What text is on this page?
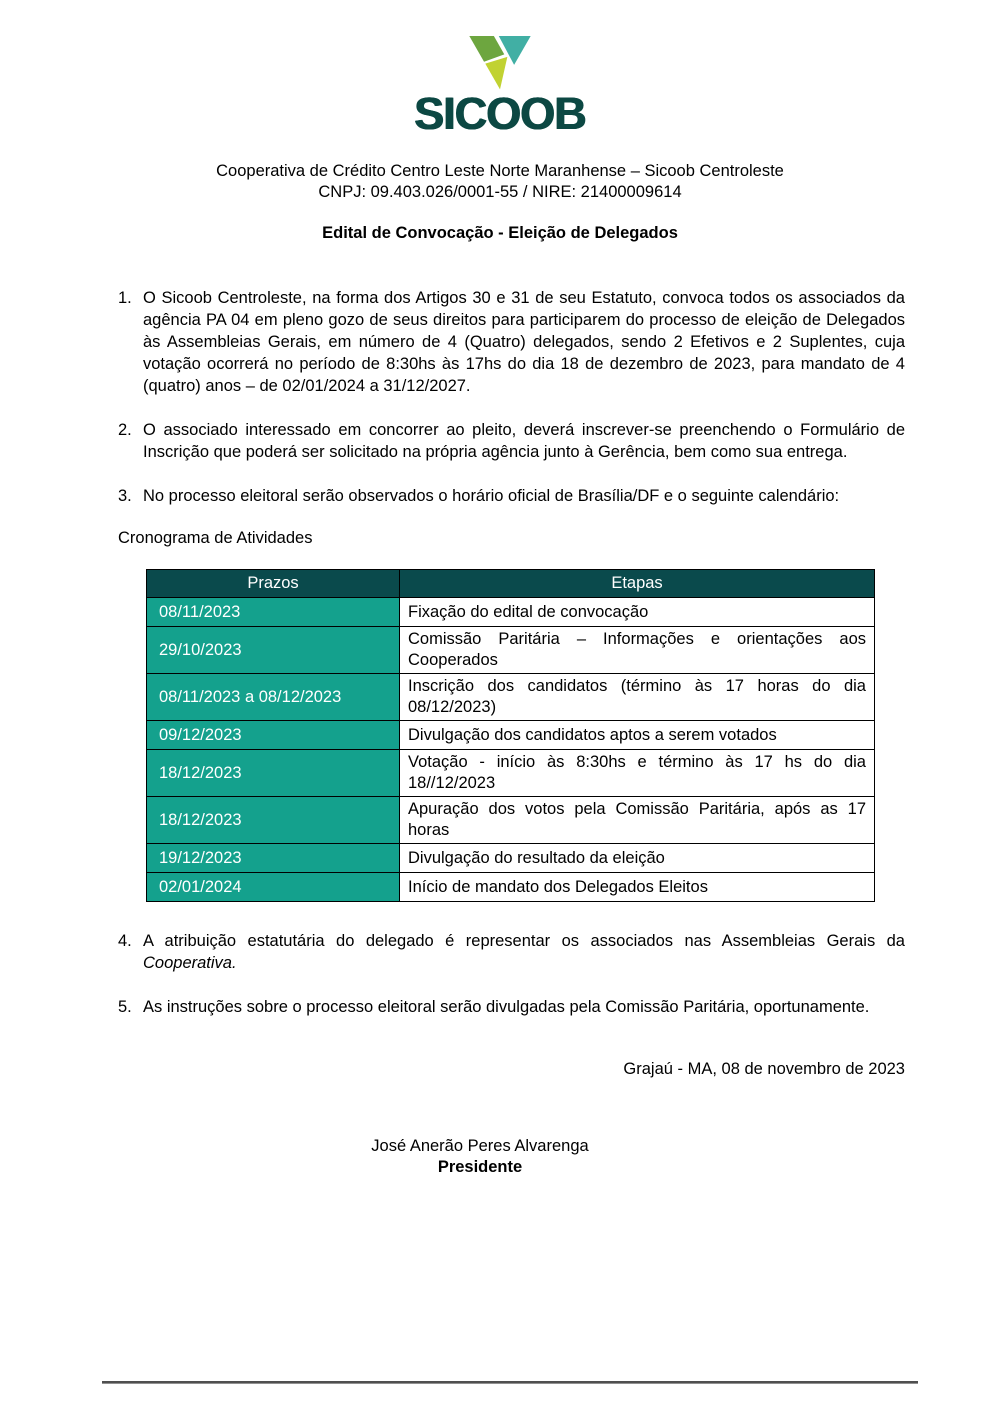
SICOOB
Cooperativa de Crédito Centro Leste Norte Maranhense – Sicoob Centroleste
CNPJ: 09.403.026/0001-55 / NIRE: 21400009614
Edital de Convocação - Eleição de Delegados
1. O Sicoob Centroleste, na forma dos Artigos 30 e 31 de seu Estatuto, convoca todos os associados da agência PA 04 em pleno gozo de seus direitos para participarem do processo de eleição de Delegados às Assembleias Gerais, em número de 4 (Quatro) delegados, sendo 2 Efetivos e 2 Suplentes, cuja votação ocorrerá no período de 8:30hs às 17hs do dia 18 de dezembro de 2023, para mandato de 4 (quatro) anos – de 02/01/2024 a 31/12/2027.
2. O associado interessado em concorrer ao pleito, deverá inscrever-se preenchendo o Formulário de Inscrição que poderá ser solicitado na própria agência junto à Gerência, bem como sua entrega.
3. No processo eleitoral serão observados o horário oficial de Brasília/DF e o seguinte calendário:
Cronograma de Atividades
Prazos	Etapas
08/11/2023	Fixação do edital de convocação
29/10/2023	Comissão Paritária – Informações e orientações aos Cooperados
08/11/2023 a 08/12/2023	Inscrição dos candidatos (término às 17 horas do dia 08/12/2023)
09/12/2023	Divulgação dos candidatos aptos a serem votados
18/12/2023	Votação - início às 8:30hs e término às 17 hs do dia 18//12/2023
18/12/2023	Apuração dos votos pela Comissão Paritária, após as 17 horas
19/12/2023	Divulgação do resultado da eleição
02/01/2024	Início de mandato dos Delegados Eleitos
4. A atribuição estatutária do delegado é representar os associados nas Assembleias Gerais da Cooperativa.
5. As instruções sobre o processo eleitoral serão divulgadas pela Comissão Paritária, oportunamente.
Grajaú - MA, 08 de novembro de 2023
José Anerão Peres Alvarenga
Presidente
